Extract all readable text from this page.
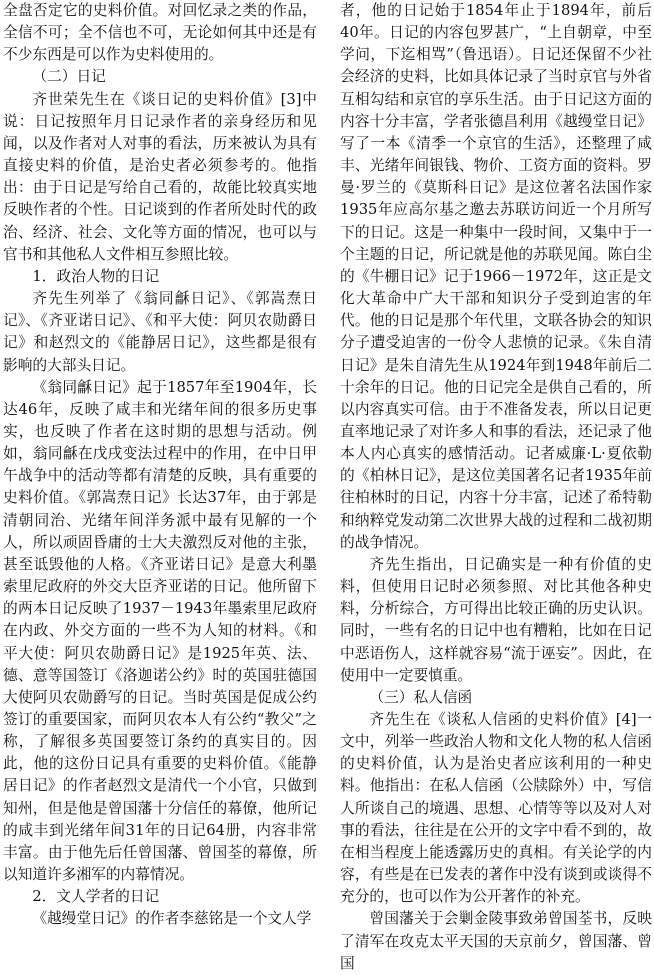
全盘否定它的史料价值。对回忆录之类的作品，全信不可；全不信也不可，无论如何其中还是有不少东西是可以作为史料使用的。

（二）日记

齐世荣先生在《谈日记的史料价值》[3]中说：日记按照年月日记录作者的亲身经历和见闻，以及作者对人对事的看法，历来被认为具有直接史料的价值，是治史者必须参考的。他指出：由于日记是写给自己看的，故能比较真实地反映作者的个性。日记谈到的作者所处时代的政治、经济、社会、文化等方面的情况，也可以与官书和其他私人文件相互参照比较。

1．政治人物的日记

齐先生列举了《翁同龢日记》、《郭嵩焘日记》、《齐亚诺日记》、《和平大使：阿贝农勋爵日记》和赵烈文的《能静居日记》，这些都是很有影响的大部头日记。

《翁同龢日记》起于1857年至1904年，长达46年，反映了咸丰和光绪年间的很多历史事实，也反映了作者在这时期的思想与活动。例如，翁同龢在戊戌变法过程中的作用，在中日甲午战争中的活动等都有清楚的反映，具有重要的史料价值。《郭嵩焘日记》长达37年，由于郭是清朝同治、光绪年间洋务派中最有见解的一个人，所以顽固昏庸的士大夫激烈反对他的主张，甚至诋毁他的人格。《齐亚诺日记》是意大利墨索里尼政府的外交大臣齐亚诺的日记。他所留下的两本日记反映了1937－1943年墨索里尼政府在内政、外交方面的一些不为人知的材料。《和平大使：阿贝农勋爵日记》是1925年英、法、德、意等国签订《洛迦诺公约》时的英国驻德国大使阿贝农勋爵写的日记。当时英国是促成公约签订的重要国家，而阿贝农本人有公约“教父”之称，了解很多英国要签订条约的真实目的。因此，他的这份日记具有重要的史料价值。《能静居日记》的作者赵烈文是清代一个小官，只做到知州，但是他是曾国藩十分信任的幕僚，他所记的咸丰到光绪年间31年的日记64册，内容非常丰富。由于他先后任曾国藩、曾国荃的幕僚，所以知道许多湘军的内幕情况。

2．文人学者的日记

《越缦堂日记》的作者李慈铭是一个文人学

者，他的日记始于1854年止于1894年，前后40年。日记的内容包罗甚广，“上自朝章，中至学问，下迄相骂”（鲁迅语）。日记还保留不少社会经济的史料，比如具体记录了当时京官与外省互相勾结和京官的享乐生活。由于日记这方面的内容十分丰富，学者张德昌利用《越缦堂日记》写了一本《清季一个京官的生活》，还整理了咸丰、光绪年间银钱、物价、工资方面的资料。罗曼·罗兰的《莫斯科日记》是这位著名法国作家1935年应高尔基之邀去苏联访问近一个月所写下的日记。这是一种集中一段时间，又集中于一个主题的日记，所记就是他的苏联见闻。陈白尘的《牛棚日记》记于1966－1972年，这正是文化大革命中广大干部和知识分子受到迫害的年代。他的日记是那个年代里，文联各协会的知识分子遭受迫害的一份令人悲愤的记录。《朱自清日记》是朱自清先生从1924年到1948年前后二十余年的日记。他的日记完全是供自己看的，所以内容真实可信。由于不准备发表，所以日记更直率地记录了对许多人和事的看法，还记录了他本人内心真实的感情活动。记者威廉·L·夏依勒的《柏林日记》，是这位美国著名记者1935年前往柏林时的日记，内容十分丰富，记述了希特勒和纳粹党发动第二次世界大战的过程和二战初期的战争情况。

齐先生指出，日记确实是一种有价值的史料，但使用日记时必须参照、对比其他各种史料，分析综合，方可得出比较正确的历史认识。同时，一些有名的日记中也有糟粕，比如在日记中恶语伤人，这样就容易“流于诬妄”。因此，在使用中一定要慎重。

（三）私人信函

齐先生在《谈私人信函的史料价值》[4]一文中，列举一些政治人物和文化人物的私人信函的史料价值，认为是治史者应该利用的一种史料。他指出：在私人信函（公牍除外）中，写信人所谈自己的境遇、思想、心情等等以及对人对事的看法，往往是在公开的文字中看不到的，故在相当程度上能透露历史的真相。有关论学的内容，有些是在已发表的著作中没有谈到或谈得不充分的，也可以作为公开著作的补充。

曾国藩关于会剿金陵事致弟曾国荃书，反映了清军在攻克太平天国的天京前夕，曾国藩、曾国
